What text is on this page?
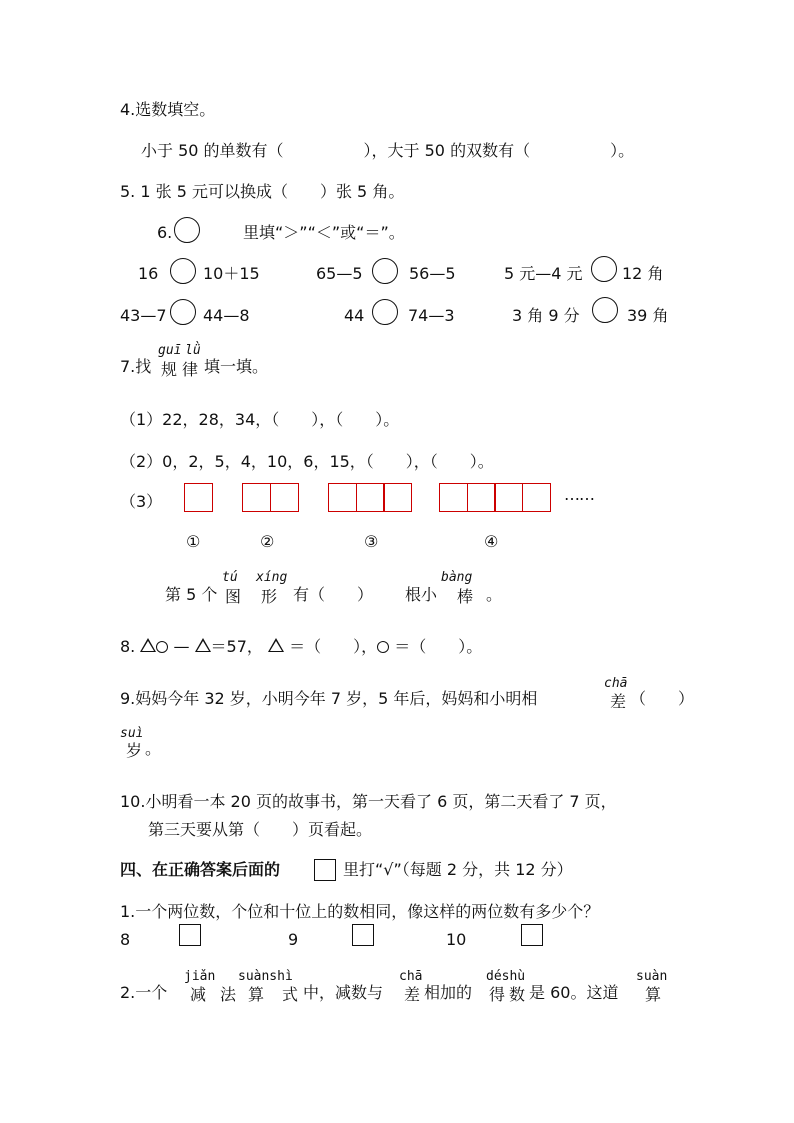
4.选数填空。
小于 50 的单数有（　　　　　），大于 50 的双数有（　　　　　）。
5. 1 张 5 元可以换成（　　）张 5 角。
6.	里填“＞”“＜”或“＝”。
16	10＋15	65—5	56—5	5 元—4 元 12 角
43—7 44—8	44	74—3	3 角 9 分	39 角
guī lǜ
7.找 规 律 填一填。
（1）22，28，34，（　　），（　　）。
（2）0，2，5，4，10，6，15，（　　），（　　）。
（3）	……
①	②	③	④
tú xíng	bàng
第 5 个 图 形 有（　　） 根小 棒 。
8. — ＝57， ＝（　　）， ＝（　　）。
chā
9.妈妈今年 32 岁，小明今年 7 岁，5 年后，妈妈和小明相	差 （　　）
suì
岁 。
10.小明看一本 20 页的故事书，第一天看了 6 页，第二天看了 7 页，
第三天要从第（　　）页看起。
四、在正确答案后面的	里打“√”（每题 2 分，共 12 分）
1.一个两位数，个位和十位上的数相同，像这样的两位数有多少个？
8	9	10
jiǎn suànshì	chā	déshù	suàn
2.一个 减 法 算 式 中，减数与 差 相加的 得 数 是 60。这道 算
